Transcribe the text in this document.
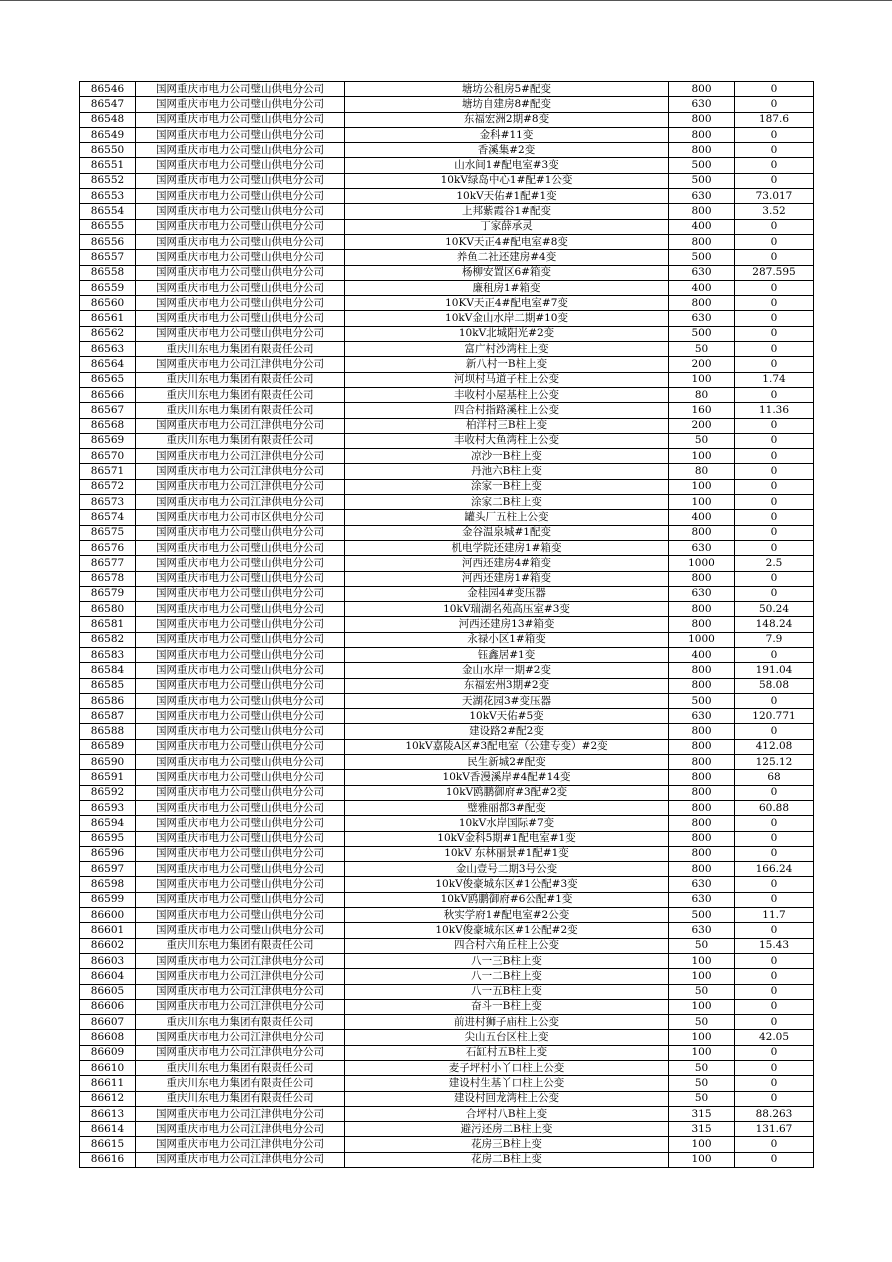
86546	国网重庆市电力公司璧山供电分公司	塘坊公租房5#配变	800	0
86547	国网重庆市电力公司璧山供电分公司	塘坊自建房8#配变	630	0
86548	国网重庆市电力公司璧山供电分公司	东福宏洲2期#8变	800	187.6
86549	国网重庆市电力公司璧山供电分公司	金科#11变	800	0
86550	国网重庆市电力公司璧山供电分公司	香溪集#2变	800	0
86551	国网重庆市电力公司璧山供电分公司	山水间1#配电室#3变	500	0
86552	国网重庆市电力公司璧山供电分公司	10kV绿岛中心1#配#1公变	500	0
86553	国网重庆市电力公司璧山供电分公司	10kV天佑#1配#1变	630	73.017
86554	国网重庆市电力公司璧山供电分公司	上邦紫霞谷1#配变	800	3.52
86555	国网重庆市电力公司璧山供电分公司	丁家薛承灵	400	0
86556	国网重庆市电力公司璧山供电分公司	10KV天正4#配电室#8变	800	0
86557	国网重庆市电力公司璧山供电分公司	养鱼二社还建房#4变	500	0
86558	国网重庆市电力公司璧山供电分公司	杨柳安置区6#箱变	630	287.595
86559	国网重庆市电力公司璧山供电分公司	廉租房1#箱变	400	0
86560	国网重庆市电力公司璧山供电分公司	10KV天正4#配电室#7变	800	0
86561	国网重庆市电力公司璧山供电分公司	10kV金山水岸二期#10变	630	0
86562	国网重庆市电力公司璧山供电分公司	10kV北城阳光#2变	500	0
86563	重庆川东电力集团有限责任公司	富广村沙湾柱上变	50	0
86564	国网重庆市电力公司江津供电分公司	新八村一B柱上变	200	0
86565	重庆川东电力集团有限责任公司	河坝村马道子柱上公变	100	1.74
86566	重庆川东电力集团有限责任公司	丰收村小屋基柱上公变	80	0
86567	重庆川东电力集团有限责任公司	四合村指路溪柱上公变	160	11.36
86568	国网重庆市电力公司江津供电分公司	柏洋村三B柱上变	200	0
86569	重庆川东电力集团有限责任公司	丰收村大鱼湾柱上公变	50	0
86570	国网重庆市电力公司江津供电分公司	凉沙一B柱上变	100	0
86571	国网重庆市电力公司江津供电分公司	丹池六B柱上变	80	0
86572	国网重庆市电力公司江津供电分公司	涂家一B柱上变	100	0
86573	国网重庆市电力公司江津供电分公司	涂家二B柱上变	100	0
86574	国网重庆市电力公司市区供电分公司	罐头厂五柱上公变	400	0
86575	国网重庆市电力公司璧山供电分公司	金谷温泉城#1配变	800	0
86576	国网重庆市电力公司璧山供电分公司	机电学院还建房1#箱变	630	0
86577	国网重庆市电力公司璧山供电分公司	河西还建房4#箱变	1000	2.5
86578	国网重庆市电力公司璧山供电分公司	河西还建房1#箱变	800	0
86579	国网重庆市电力公司璧山供电分公司	金桂园4#变压器	630	0
86580	国网重庆市电力公司璧山供电分公司	10kV瑞湖名苑高压室#3变	800	50.24
86581	国网重庆市电力公司璧山供电分公司	河西还建房13#箱变	800	148.24
86582	国网重庆市电力公司璧山供电分公司	永禄小区1#箱变	1000	7.9
86583	国网重庆市电力公司璧山供电分公司	钰鑫居#1变	400	0
86584	国网重庆市电力公司璧山供电分公司	金山水岸一期#2变	800	191.04
86585	国网重庆市电力公司璧山供电分公司	东福宏州3期#2变	800	58.08
86586	国网重庆市电力公司璧山供电分公司	天湖花园3#变压器	500	0
86587	国网重庆市电力公司璧山供电分公司	10kV天佑#5变	630	120.771
86588	国网重庆市电力公司璧山供电分公司	建设路2#配2变	800	0
86589	国网重庆市电力公司璧山供电分公司	10kV嘉陵A区#3配电室（公建专变）#2变	800	412.08
86590	国网重庆市电力公司璧山供电分公司	民生新城2#配变	800	125.12
86591	国网重庆市电力公司璧山供电分公司	10kV香漫溪岸#4配#14变	800	68
86592	国网重庆市电力公司璧山供电分公司	10kV鸥鹏御府#3配#2变	800	0
86593	国网重庆市电力公司璧山供电分公司	璧雅丽都3#配变	800	60.88
86594	国网重庆市电力公司璧山供电分公司	10kV水岸国际#7变	800	0
86595	国网重庆市电力公司璧山供电分公司	10kV金科5期#1配电室#1变	800	0
86596	国网重庆市电力公司璧山供电分公司	10kV 东林丽景#1配#1变	800	0
86597	国网重庆市电力公司璧山供电分公司	金山壹号二期3号公变	800	166.24
86598	国网重庆市电力公司璧山供电分公司	10kV俊豪城东区#1公配#3变	630	0
86599	国网重庆市电力公司璧山供电分公司	10kV鸥鹏御府#6公配#1变	630	0
86600	国网重庆市电力公司璧山供电分公司	秋实学府1#配电室#2公变	500	11.7
86601	国网重庆市电力公司璧山供电分公司	10kV俊豪城东区#1公配#2变	630	0
86602	重庆川东电力集团有限责任公司	四合村六角丘柱上公变	50	15.43
86603	国网重庆市电力公司江津供电分公司	八一三B柱上变	100	0
86604	国网重庆市电力公司江津供电分公司	八一二B柱上变	100	0
86605	国网重庆市电力公司江津供电分公司	八一五B柱上变	50	0
86606	国网重庆市电力公司江津供电分公司	奋斗一B柱上变	100	0
86607	重庆川东电力集团有限责任公司	前进村狮子庙柱上公变	50	0
86608	国网重庆市电力公司江津供电分公司	尖山五台区柱上变	100	42.05
86609	国网重庆市电力公司江津供电分公司	石缸村五B柱上变	100	0
86610	重庆川东电力集团有限责任公司	麦子坪村小丫口柱上公变	50	0
86611	重庆川东电力集团有限责任公司	建设村生基丫口柱上公变	50	0
86612	重庆川东电力集团有限责任公司	建设村回龙湾柱上公变	50	0
86613	国网重庆市电力公司江津供电分公司	合坪村八B柱上变	315	88.263
86614	国网重庆市电力公司江津供电分公司	避污还房二B柱上变	315	131.67
86615	国网重庆市电力公司江津供电分公司	花房三B柱上变	100	0
86616	国网重庆市电力公司江津供电分公司	花房二B柱上变	100	0
